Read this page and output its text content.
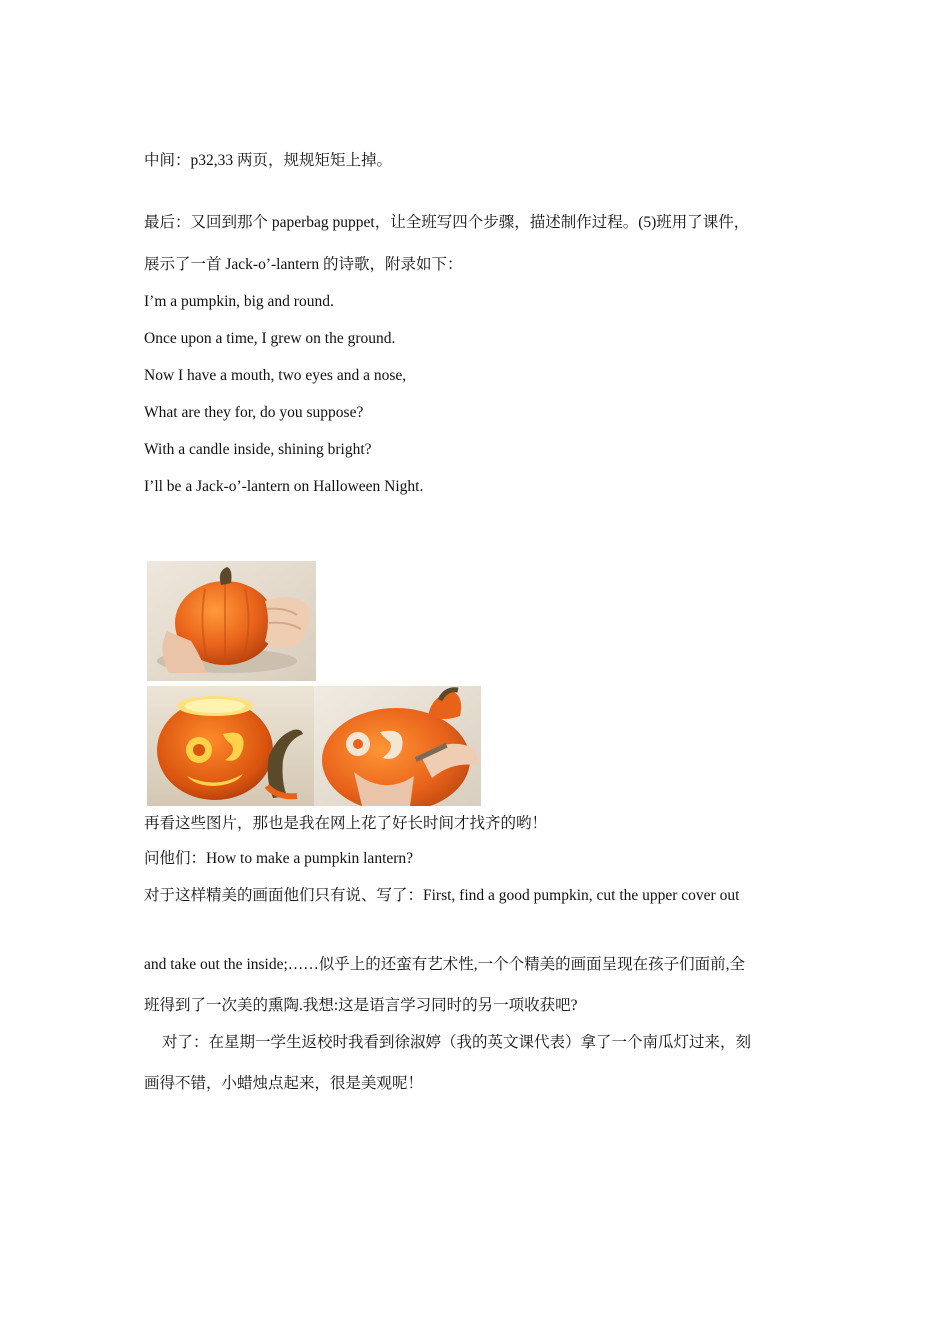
中间：p32,33 两页，规规矩矩上掉。
最后：又回到那个 paperbag puppet，让全班写四个步骤，描述制作过程。(5)班用了课件，
展示了一首 Jack-o’-lantern 的诗歌，附录如下：
I’m a pumpkin, big and round.
Once upon a time, I grew on the ground.
Now I have a mouth, two eyes and a nose,
What are they for, do you suppose?
With a candle inside, shining bright?
I’ll be a Jack-o’-lantern on Halloween Night.
再看这些图片，那也是我在网上花了好长时间才找齐的哟！
问他们：How to make a pumpkin lantern?
对于这样精美的画面他们只有说、写了：First, find a good pumpkin, cut the upper cover out
and take out the inside;……似乎上的还蛮有艺术性,一个个精美的画面呈现在孩子们面前,全
班得到了一次美的熏陶.我想:这是语言学习同时的另一项收获吧?
对了：在星期一学生返校时我看到徐淑婷（我的英文课代表）拿了一个南瓜灯过来，刻
画得不错，小蜡烛点起来，很是美观呢！
